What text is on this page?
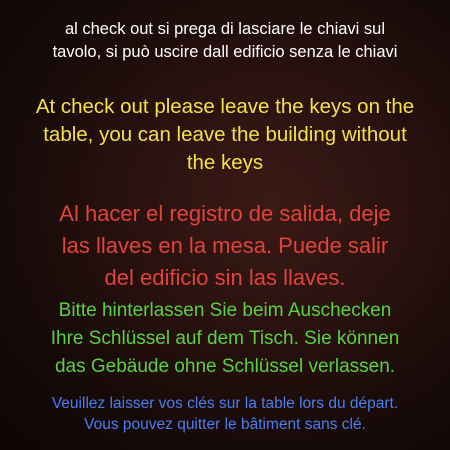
al check out si prega di lasciare le chiavi sul
tavolo, si può uscire dall edificio senza le chiavi
At check out please leave the keys on the
table, you can leave the building without
the keys
Al hacer el registro de salida, deje
las llaves en la mesa. Puede salir
del edificio sin las llaves.
Bitte hinterlassen Sie beim Auschecken
Ihre Schlüssel auf dem Tisch. Sie können
das Gebäude ohne Schlüssel verlassen.
Veuillez laisser vos clés sur la table lors du départ.
Vous pouvez quitter le bâtiment sans clé.
